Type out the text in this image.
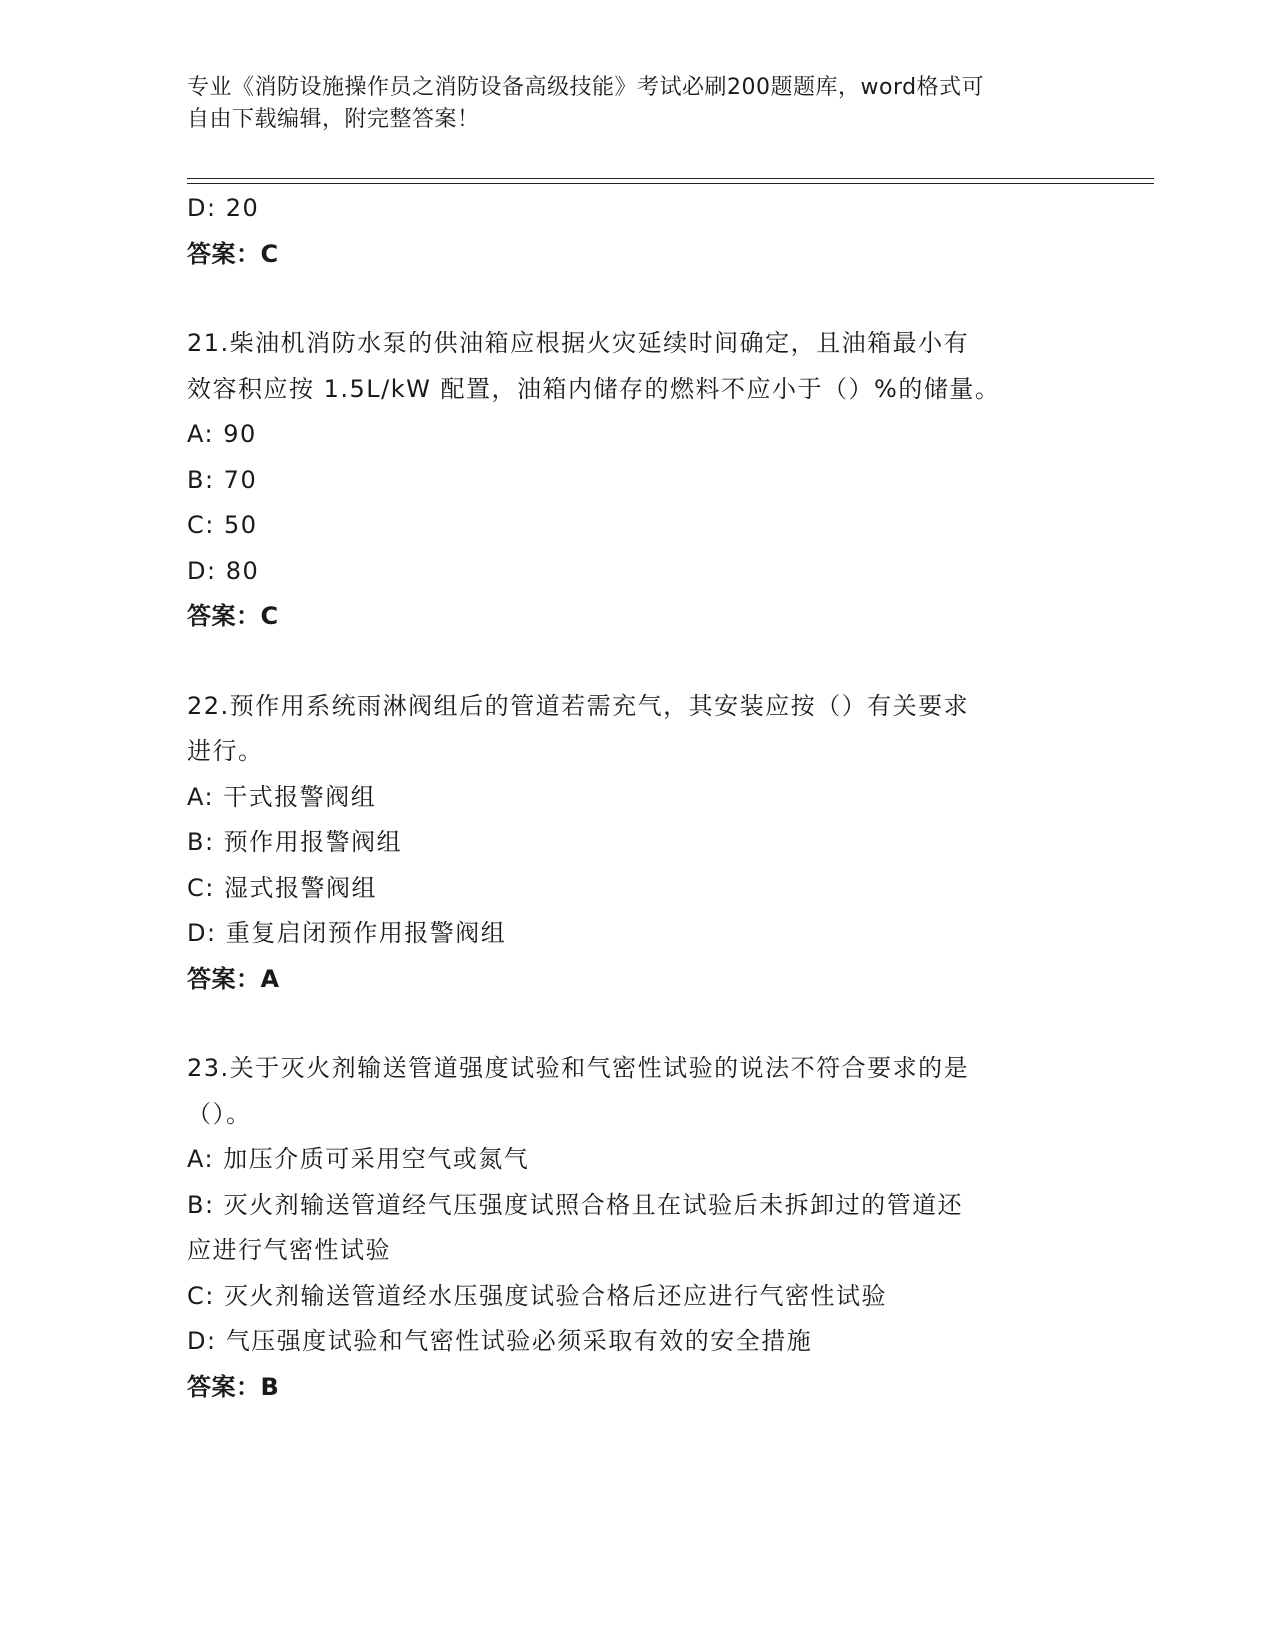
专业《消防设施操作员之消防设备高级技能》考试必刷200题题库，word格式可
自由下载编辑，附完整答案！
D: 20
答案：C
21.柴油机消防水泵的供油箱应根据火灾延续时间确定，且油箱最小有
效容积应按 1.5L/kW 配置，油箱内储存的燃料不应小于（）%的储量。
A: 90
B: 70
C: 50
D: 80
答案：C
22.预作用系统雨淋阀组后的管道若需充气，其安装应按（）有关要求
进行。
A: 干式报警阀组
B: 预作用报警阀组
C: 湿式报警阀组
D: 重复启闭预作用报警阀组
答案：A
23.关于灭火剂输送管道强度试验和气密性试验的说法不符合要求的是
（）。
A: 加压介质可采用空气或氮气
B: 灭火剂输送管道经气压强度试照合格且在试验后未拆卸过的管道还
应进行气密性试验
C: 灭火剂输送管道经水压强度试验合格后还应进行气密性试验
D: 气压强度试验和气密性试验必须采取有效的安全措施
答案：B
